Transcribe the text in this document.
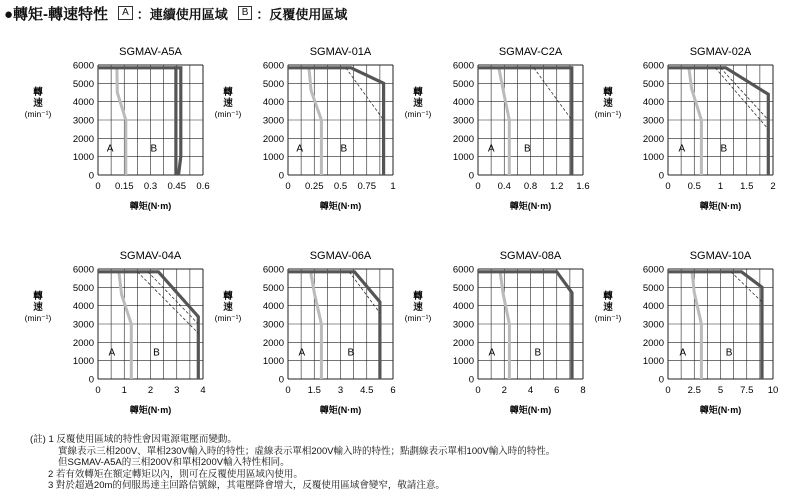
●轉矩-轉速特性	A ：連續使用區域	B ：反覆使用區域
SGMAV-A5A
0 0.15 0.3 0.45 0.6
0
1000
2000
3000
4000
5000
6000
轉矩(N·m)
轉
速
(min⁻¹)
A	B
SGMAV-01A
0 0.25 0.5 0.75 1
0
1000
2000
3000
4000
5000
6000
轉矩(N·m)
轉
速
(min⁻¹)
A	B
SGMAV-C2A
0 0.4 0.8 1.2 1.6
0
1000
2000
3000
4000
5000
6000
轉矩(N·m)
轉
速
(min⁻¹)
A	B
SGMAV-02A
0 0.5 1 1.5 2
0
1000
2000
3000
4000
5000
6000
轉矩(N·m)
轉
速
(min⁻¹)
A	B
SGMAV-04A
0 1 2 3 4
0
1000
2000
3000
4000
5000
6000
轉矩(N·m)
轉
速
(min⁻¹)
A	B
SGMAV-06A
0 1.5 3 4.5 6
0
1000
2000
3000
4000
5000
6000
轉矩(N·m)
轉
速
(min⁻¹)
A	B
SGMAV-08A
0 2 4 6 8
0
1000
2000
3000
4000
5000
6000
轉矩(N·m)
轉
速
(min⁻¹)
A	B
SGMAV-10A
0 2.5 5 7.5 10
0
1000
2000
3000
4000
5000
6000
轉矩(N·m)
轉
速
(min⁻¹)
A	B
(註) 1 反覆使用區域的特性會因電源電壓而變動。
實線表示三相200V、單相230V輸入時的特性；虛線表示單相200V輸入時的特性；點劃線表示單相100V輸入時的特性。
但SGMAV-A5A的三相200V和單相200V輸入特性相同。
2 若有效轉矩在額定轉矩以內，則可在反覆使用區域內使用。
3 對於超過20m的伺服馬達主回路信號線，其電壓降會增大，反覆使用區域會變窄，敬請注意。
